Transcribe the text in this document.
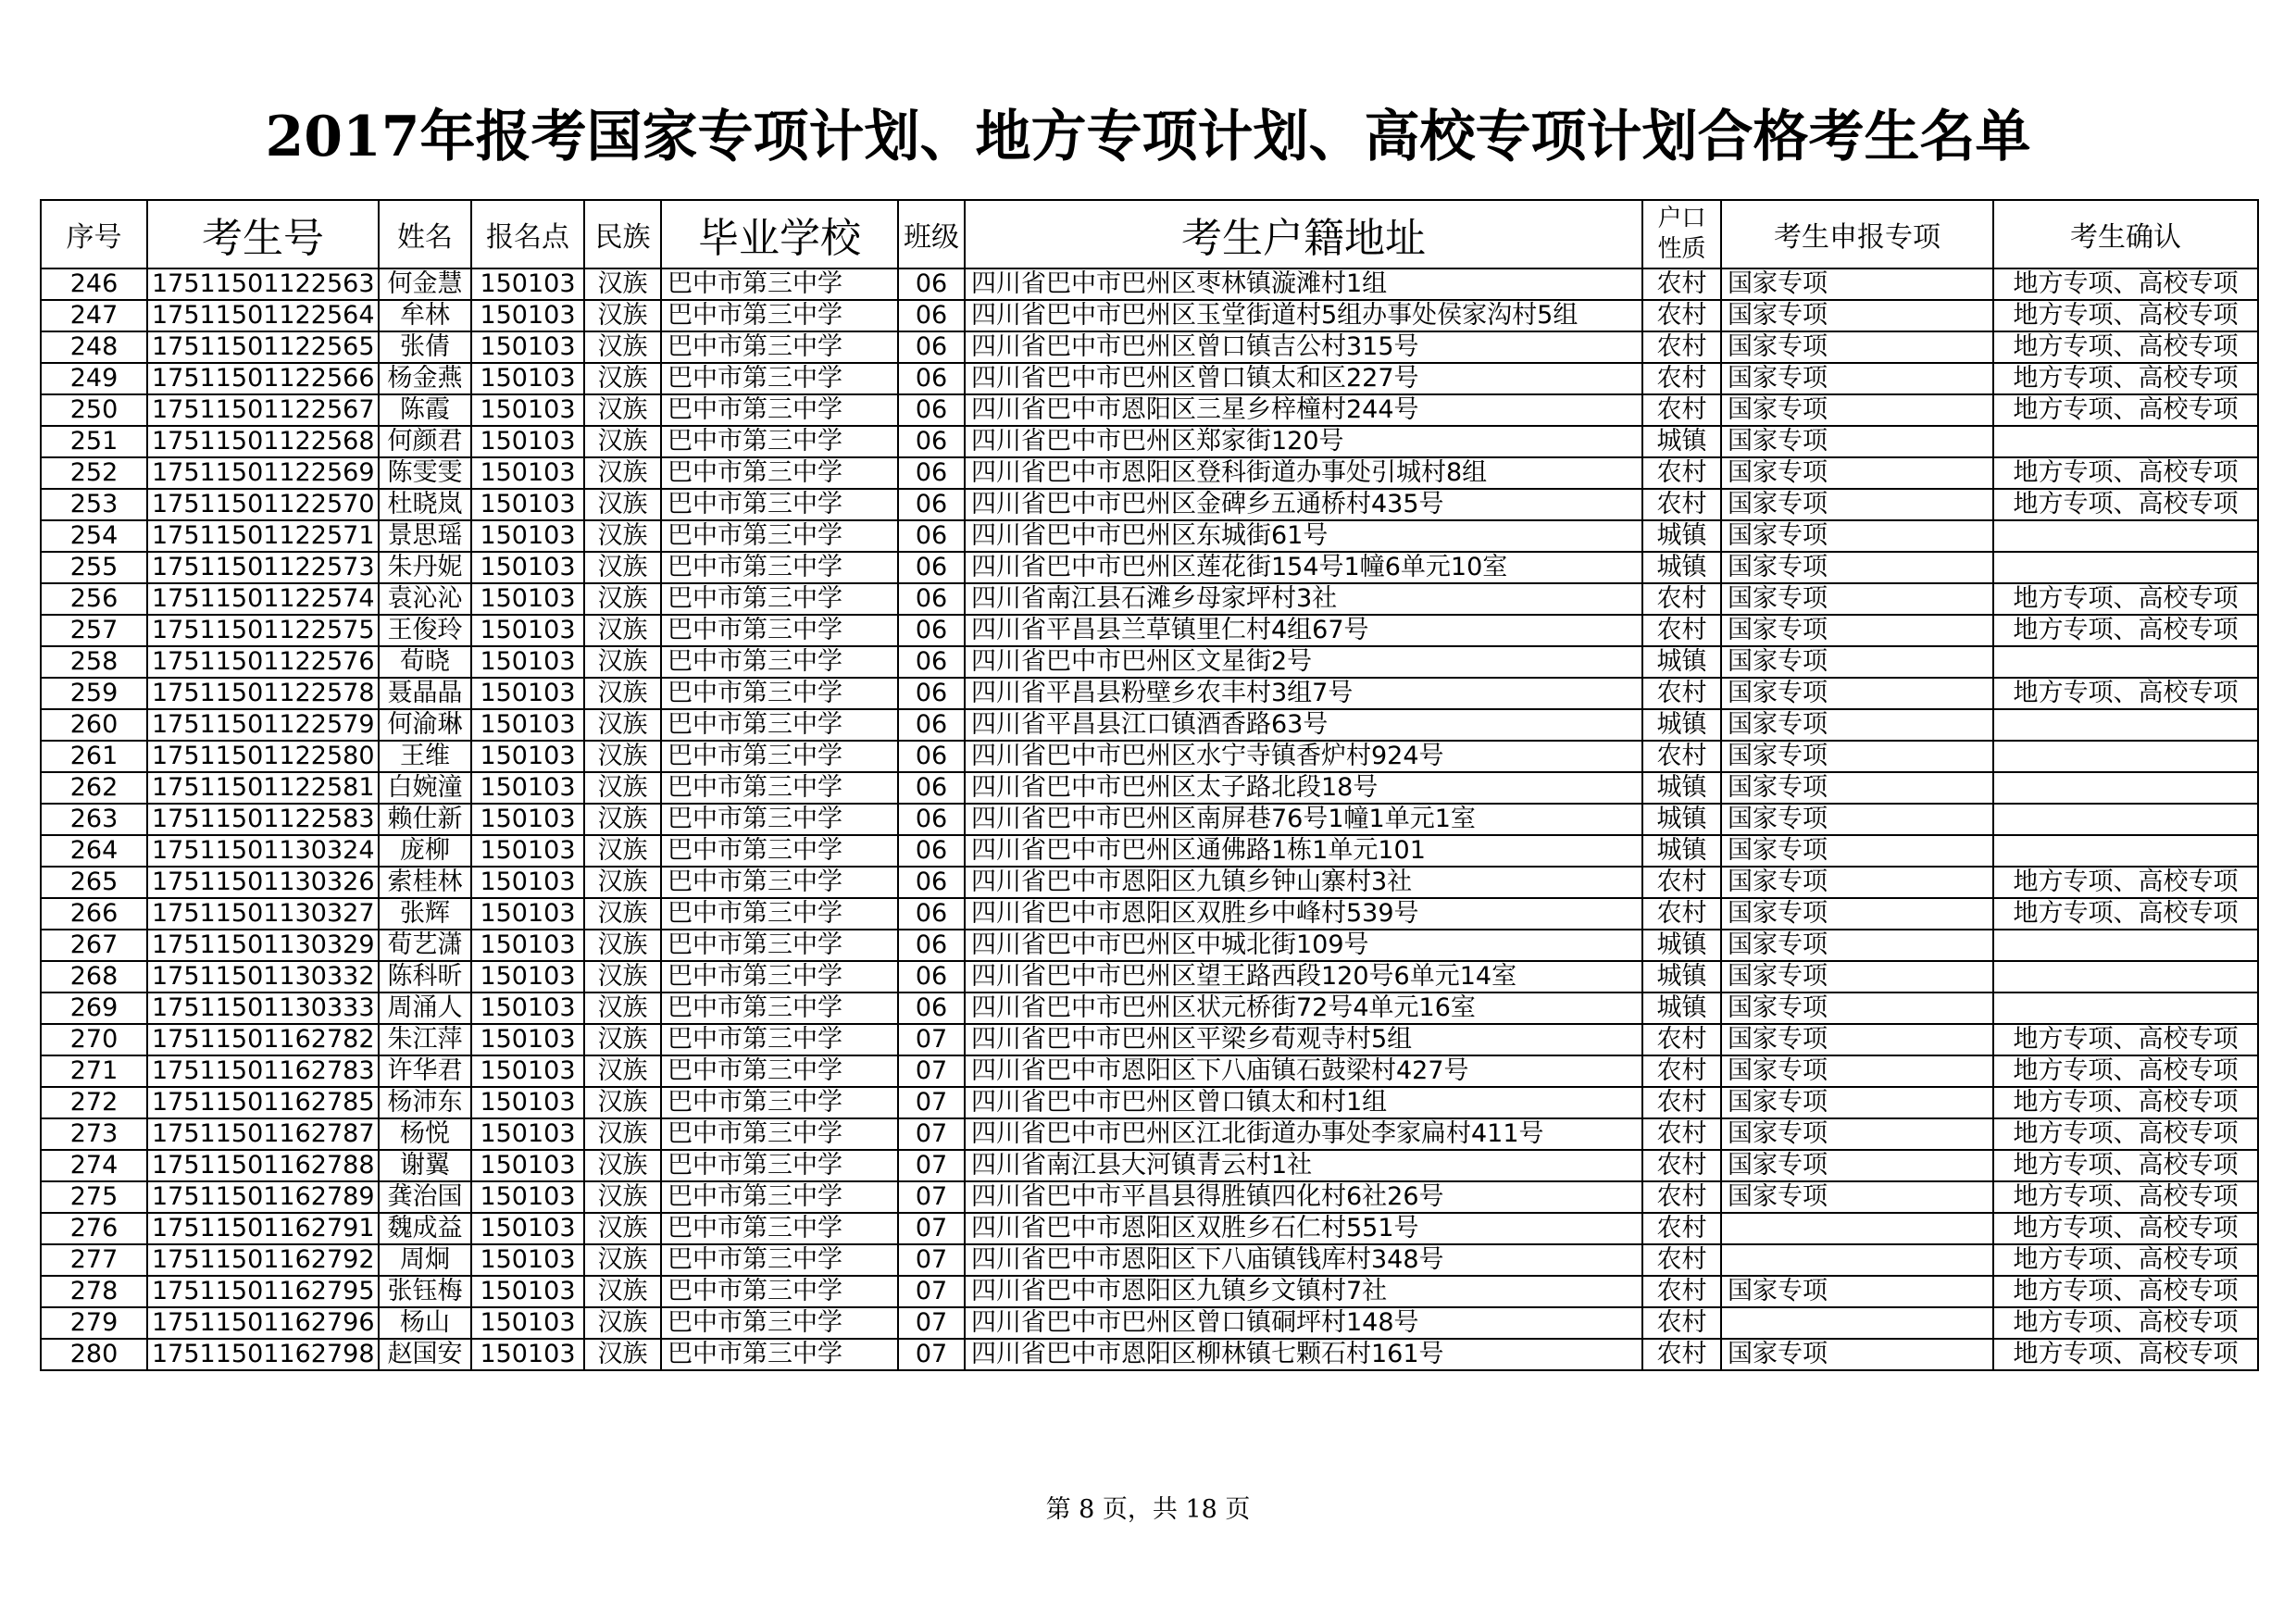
2017年报考国家专项计划、地方专项计划、高校专项计划合格考生名单
序号	考生号	姓名	报名点	民族	毕业学校	班级	考生户籍地址	户口
性质	考生申报专项	考生确认	
246	17511501122563	何金慧	150103	汉族	巴中市第三中学	06	四川省巴中市巴州区枣林镇漩滩村1组	农村	国家专项	地方专项、高校专项	
247	17511501122564	牟林	150103	汉族	巴中市第三中学	06	四川省巴中市巴州区玉堂街道村5组办事处侯家沟村5组	农村	国家专项	地方专项、高校专项	
248	17511501122565	张倩	150103	汉族	巴中市第三中学	06	四川省巴中市巴州区曾口镇吉公村315号	农村	国家专项	地方专项、高校专项	
249	17511501122566	杨金燕	150103	汉族	巴中市第三中学	06	四川省巴中市巴州区曾口镇太和区227号	农村	国家专项	地方专项、高校专项	
250	17511501122567	陈霞	150103	汉族	巴中市第三中学	06	四川省巴中市恩阳区三星乡梓橦村244号	农村	国家专项	地方专项、高校专项	
251	17511501122568	何颜君	150103	汉族	巴中市第三中学	06	四川省巴中市巴州区郑家街120号	城镇	国家专项		
252	17511501122569	陈雯雯	150103	汉族	巴中市第三中学	06	四川省巴中市恩阳区登科街道办事处引城村8组	农村	国家专项	地方专项、高校专项	
253	17511501122570	杜晓岚	150103	汉族	巴中市第三中学	06	四川省巴中市巴州区金碑乡五通桥村435号	农村	国家专项	地方专项、高校专项	
254	17511501122571	景思瑶	150103	汉族	巴中市第三中学	06	四川省巴中市巴州区东城街61号	城镇	国家专项		
255	17511501122573	朱丹妮	150103	汉族	巴中市第三中学	06	四川省巴中市巴州区莲花街154号1幢6单元10室	城镇	国家专项		
256	17511501122574	袁沁沁	150103	汉族	巴中市第三中学	06	四川省南江县石滩乡母家坪村3社	农村	国家专项	地方专项、高校专项	
257	17511501122575	王俊玲	150103	汉族	巴中市第三中学	06	四川省平昌县兰草镇里仁村4组67号	农村	国家专项	地方专项、高校专项	
258	17511501122576	荀晓	150103	汉族	巴中市第三中学	06	四川省巴中市巴州区文星街2号	城镇	国家专项		
259	17511501122578	聂晶晶	150103	汉族	巴中市第三中学	06	四川省平昌县粉壁乡农丰村3组7号	农村	国家专项	地方专项、高校专项	
260	17511501122579	何渝琳	150103	汉族	巴中市第三中学	06	四川省平昌县江口镇酒香路63号	城镇	国家专项		
261	17511501122580	王维	150103	汉族	巴中市第三中学	06	四川省巴中市巴州区水宁寺镇香炉村924号	农村	国家专项		
262	17511501122581	白婉潼	150103	汉族	巴中市第三中学	06	四川省巴中市巴州区太子路北段18号	城镇	国家专项		
263	17511501122583	赖仕新	150103	汉族	巴中市第三中学	06	四川省巴中市巴州区南屏巷76号1幢1单元1室	城镇	国家专项		
264	17511501130324	庞柳	150103	汉族	巴中市第三中学	06	四川省巴中市巴州区通佛路1栋1单元101	城镇	国家专项		
265	17511501130326	索桂林	150103	汉族	巴中市第三中学	06	四川省巴中市恩阳区九镇乡钟山寨村3社	农村	国家专项	地方专项、高校专项	
266	17511501130327	张辉	150103	汉族	巴中市第三中学	06	四川省巴中市恩阳区双胜乡中峰村539号	农村	国家专项	地方专项、高校专项	
267	17511501130329	荀艺潇	150103	汉族	巴中市第三中学	06	四川省巴中市巴州区中城北街109号	城镇	国家专项		
268	17511501130332	陈科昕	150103	汉族	巴中市第三中学	06	四川省巴中市巴州区望王路西段120号6单元14室	城镇	国家专项		
269	17511501130333	周涌人	150103	汉族	巴中市第三中学	06	四川省巴中市巴州区状元桥街72号4单元16室	城镇	国家专项		
270	17511501162782	朱江萍	150103	汉族	巴中市第三中学	07	四川省巴中市巴州区平梁乡荀观寺村5组	农村	国家专项	地方专项、高校专项	
271	17511501162783	许华君	150103	汉族	巴中市第三中学	07	四川省巴中市恩阳区下八庙镇石鼓梁村427号	农村	国家专项	地方专项、高校专项	
272	17511501162785	杨沛东	150103	汉族	巴中市第三中学	07	四川省巴中市巴州区曾口镇太和村1组	农村	国家专项	地方专项、高校专项	
273	17511501162787	杨悦	150103	汉族	巴中市第三中学	07	四川省巴中市巴州区江北街道办事处李家扁村411号	农村	国家专项	地方专项、高校专项	
274	17511501162788	谢翼	150103	汉族	巴中市第三中学	07	四川省南江县大河镇青云村1社	农村	国家专项	地方专项、高校专项	
275	17511501162789	龚治国	150103	汉族	巴中市第三中学	07	四川省巴中市平昌县得胜镇四化村6社26号	农村	国家专项	地方专项、高校专项	
276	17511501162791	魏成益	150103	汉族	巴中市第三中学	07	四川省巴中市恩阳区双胜乡石仁村551号	农村		地方专项、高校专项	
277	17511501162792	周炯	150103	汉族	巴中市第三中学	07	四川省巴中市恩阳区下八庙镇钱库村348号	农村		地方专项、高校专项	
278	17511501162795	张钰梅	150103	汉族	巴中市第三中学	07	四川省巴中市恩阳区九镇乡文镇村7社	农村	国家专项	地方专项、高校专项	
279	17511501162796	杨山	150103	汉族	巴中市第三中学	07	四川省巴中市巴州区曾口镇硐坪村148号	农村		地方专项、高校专项	
280	17511501162798	赵国安	150103	汉族	巴中市第三中学	07	四川省巴中市恩阳区柳林镇七颗石村161号	农村	国家专项	地方专项、高校专项	
第 8 页，共 18 页
